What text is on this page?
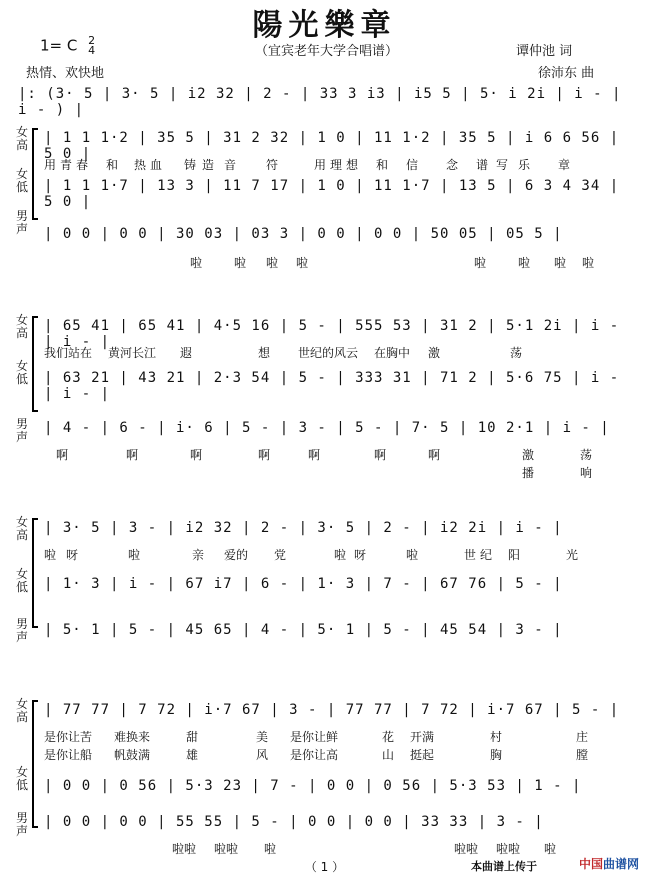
陽光樂章
1= C 2
4	（宜宾老年大学合唱谱）	谭仲池 词
热情、欢快地	徐沛东 曲
|: (3· 5 | 3· 5 | i2 32 | 2 - | 33 3 i3 | i5 5 | 5· i 2i | i - | i - ) |
女高
女低
男声
| 1 1 1·2 | 35 5 | 31 2 32 | 1 0 | 11 1·2 | 35 5 | i 6 6 56 | 5 0 |
用 青 春 和 热 血 铸 造 音 符	用 理 想 和 信 念 谱 写 乐 章
| 1 1 1·7 | 13 3 | 11 7 17 | 1 0 | 11 1·7 | 13 5 | 6 3 4 34 | 5 0 |
| 0 0 | 0 0 | 30 03 | 03 3 | 0 0 | 0 0 | 50 05 | 05 5 |
啦	啦 啦 啦	啦	啦 啦 啦
女高
女低
男声
| 65 41 | 65 41 | 4·5 16 | 5 - | 555 53 | 31 2 | 5·1 2i | i - | i - |
我们站在 黄河长江 遐	想 世纪的风云 在胸中 激	荡
| 63 21 | 43 21 | 2·3 54 | 5 - | 333 31 | 71 2 | 5·6 75 | i - | i - |
| 4 - | 6 - | i· 6 | 5 - | 3 - | 5 - | 7· 5 | 10 2·1 | i - |
啊	啊	啊	啊	啊	啊	啊	激	荡
播	响
女高
女低
男声
| 3· 5 | 3 - | i2 32 | 2 - | 3· 5 | 2 - | i2 2i | i - |
啦 呀	啦	亲 爱的 党	啦 呀	啦	世 纪 阳	光
| 1· 3 | i - | 67 i7 | 6 - | 1· 3 | 7 - | 67 76 | 5 - |
| 5· 1 | 5 - | 45 65 | 4 - | 5· 1 | 5 - | 45 54 | 3 - |
女高
女低
男声
| 77 77 | 7 72 | i·7 67 | 3 - | 77 77 | 7 72 | i·7 67 | 5 - |
是你让苦 难换来	甜	美 是你让鲜	花 开满	村	庄
是你让船 帆鼓满	雄	风 是你让高	山 挺起	胸	膛
| 0 0 | 0 56 | 5·3 23 | 7 - | 0 0 | 0 56 | 5·3 53 | 1 - |
| 0 0 | 0 0 | 55 55 | 5 - | 0 0 | 0 0 | 33 33 | 3 - |
啦啦 啦啦 啦	啦啦 啦啦 啦
（ 1 ）	本曲谱上传于	中国曲谱网
